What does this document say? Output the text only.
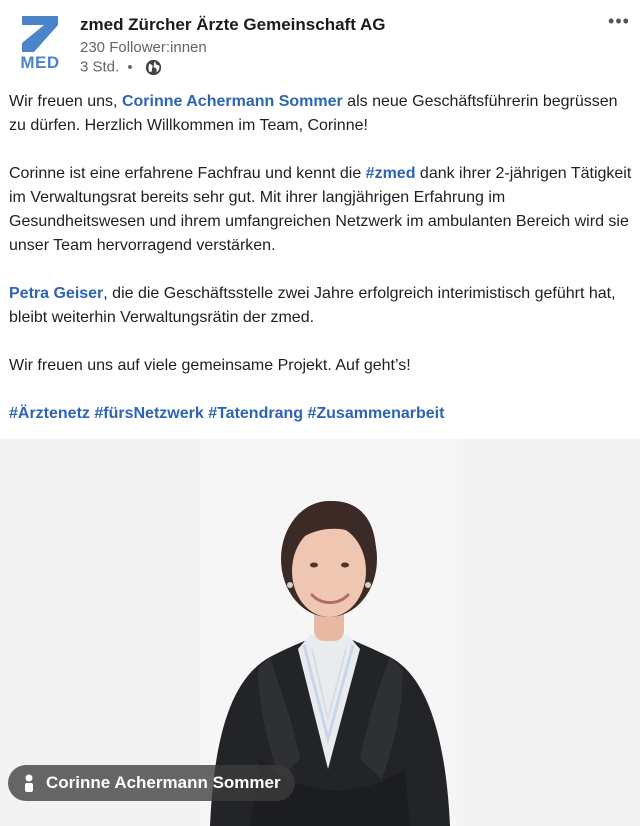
MED
zmed Zürcher Ärzte Gemeinschaft AG
230 Follower:innen
3 Std. •
•••

Wir freuen uns, Corinne Achermann Sommer als neue Geschäftsführerin begrüssen zu dürfen. Herzlich Willkommen im Team, Corinne!

Corinne ist eine erfahrene Fachfrau und kennt die #zmed dank ihrer 2-jährigen Tätigkeit im Verwaltungsrat bereits sehr gut. Mit ihrer langjährigen Erfahrung im Gesundheitswesen und ihrem umfangreichen Netzwerk im ambulanten Bereich wird sie unser Team hervorragend verstärken.

Petra Geiser, die die Geschäftsstelle zwei Jahre erfolgreich interimistisch geführt hat, bleibt weiterhin Verwaltungsrätin der zmed.

Wir freuen uns auf viele gemeinsame Projekt. Auf geht’s!

#Ärztenetz #fürsNetzwerk #Tatendrang #Zusammenarbeit

Corinne Achermann Sommer
